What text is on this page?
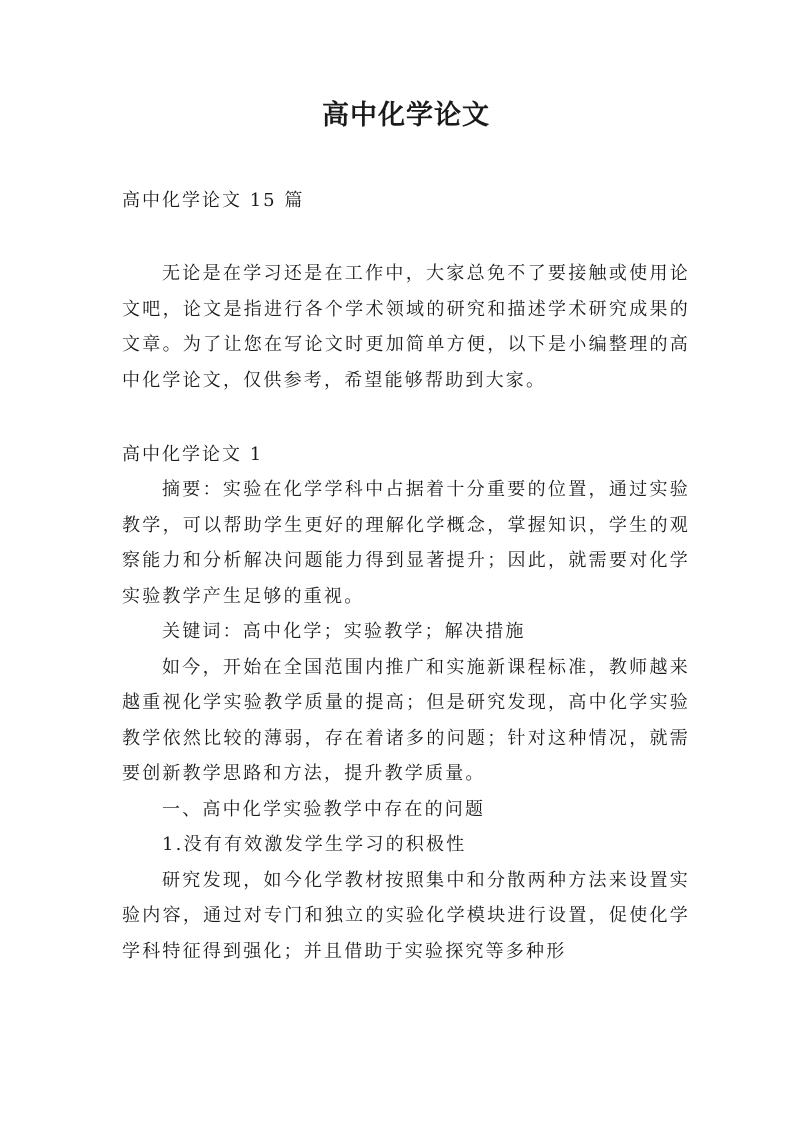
高中化学论文

高中化学论文 15 篇

无论是在学习还是在工作中，大家总免不了要接触或使用论文吧，论文是指进行各个学术领域的研究和描述学术研究成果的文章。为了让您在写论文时更加简单方便，以下是小编整理的高中化学论文，仅供参考，希望能够帮助到大家。

高中化学论文 1

摘要：实验在化学学科中占据着十分重要的位置，通过实验教学，可以帮助学生更好的理解化学概念，掌握知识，学生的观察能力和分析解决问题能力得到显著提升；因此，就需要对化学实验教学产生足够的重视。

关键词：高中化学；实验教学；解决措施

如今，开始在全国范围内推广和实施新课程标准，教师越来越重视化学实验教学质量的提高；但是研究发现，高中化学实验教学依然比较的薄弱，存在着诸多的问题；针对这种情况，就需要创新教学思路和方法，提升教学质量。

一、高中化学实验教学中存在的问题

1.没有有效激发学生学习的积极性

研究发现，如今化学教材按照集中和分散两种方法来设置实验内容，通过对专门和独立的实验化学模块进行设置，促使化学学科特征得到强化；并且借助于实验探究等多种形
